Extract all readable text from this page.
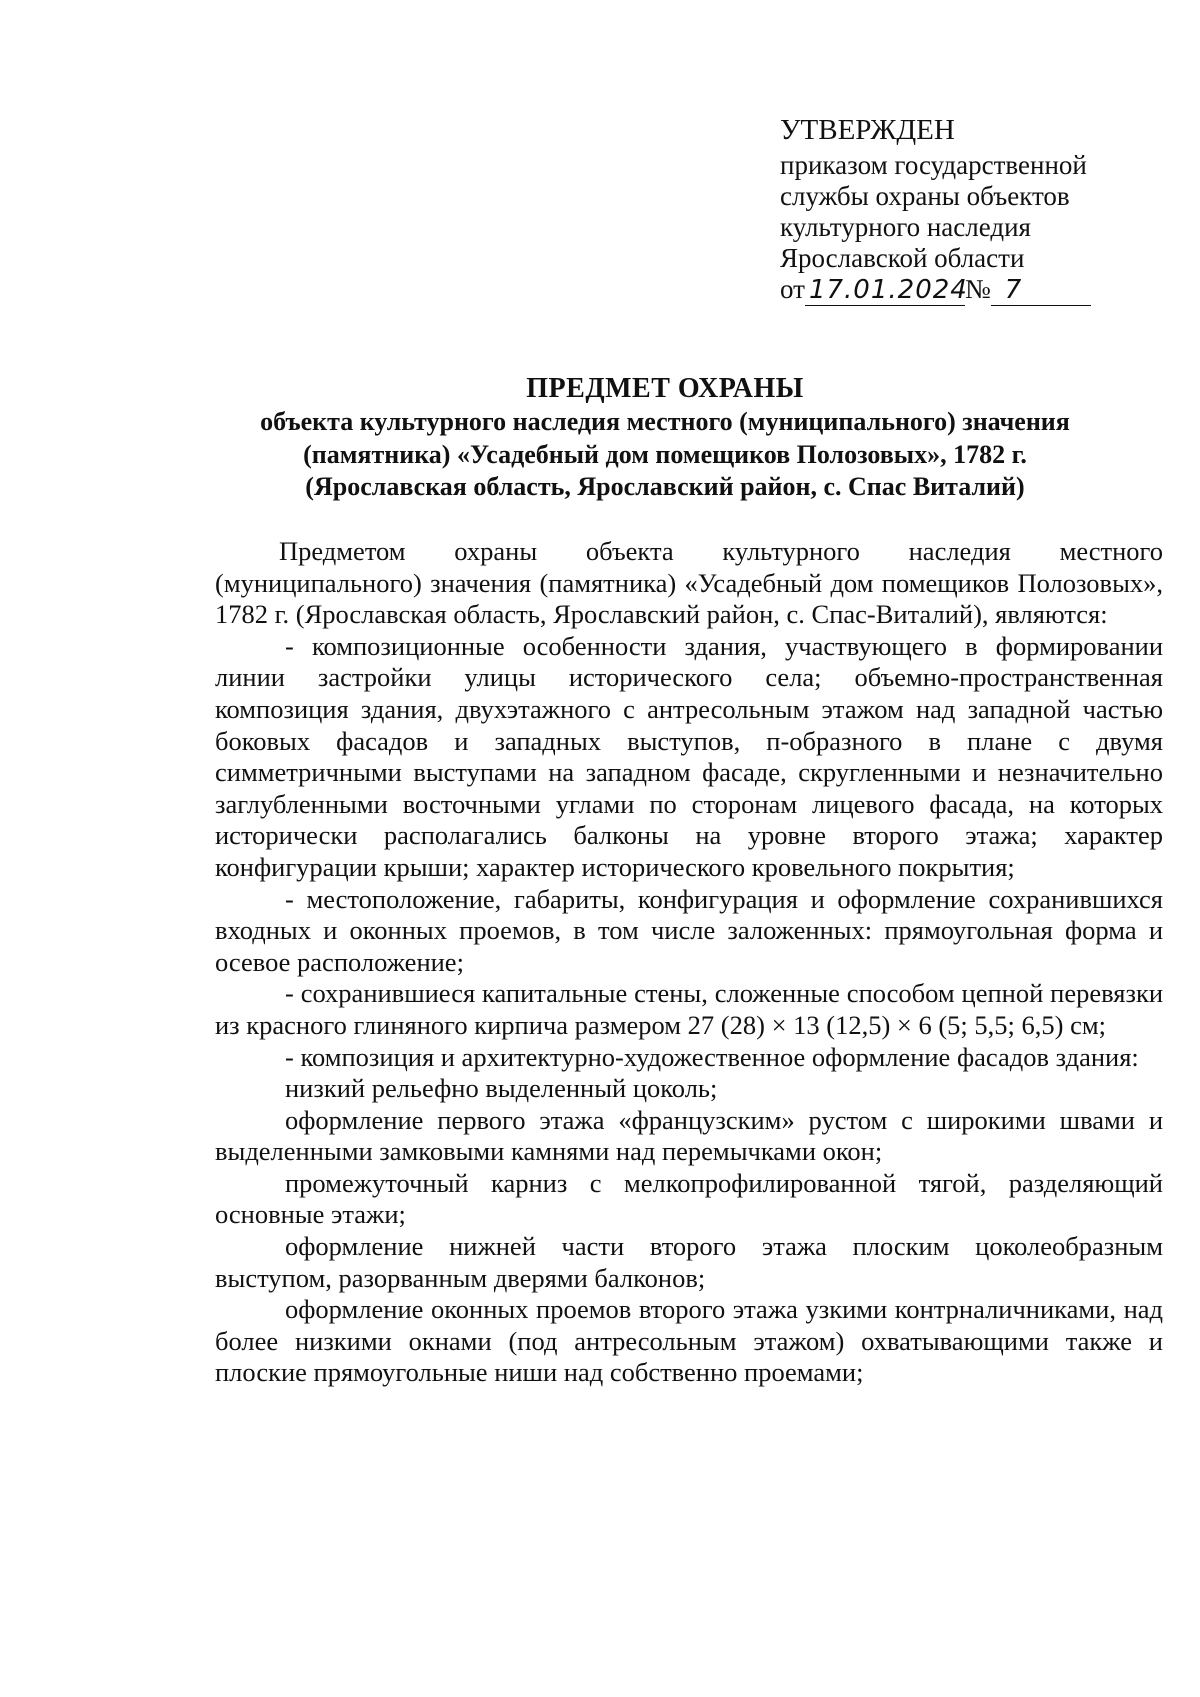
УТВЕРЖДЕН
приказом государственной
службы охраны объектов
культурного наследия
Ярославской области
от 17.01.2024№ 7
ПРЕДМЕТ ОХРАНЫ
объекта культурного наследия местного (муниципального) значения
(памятника) «Усадебный дом помещиков Полозовых», 1782 г.
(Ярославская область, Ярославский район, с. Спас Виталий)

Предметом охраны объекта культурного наследия местного (муниципального) значения (памятника) «Усадебный дом помещиков Полозовых», 1782 г. (Ярославская область, Ярославский район, с. Спас-Виталий), являются:

- композиционные особенности здания, участвующего в формировании линии застройки улицы исторического села; объемно-пространственная композиция здания, двухэтажного с антресольным этажом над западной частью боковых фасадов и западных выступов, п-образного в плане с двумя симметричными выступами на западном фасаде, скругленными и незначительно заглубленными восточными углами по сторонам лицевого фасада, на которых исторически располагались балконы на уровне второго этажа; характер конфигурации крыши; характер исторического кровельного покрытия;

- местоположение, габариты, конфигурация и оформление сохранившихся входных и оконных проемов, в том числе заложенных: прямоугольная форма и осевое расположение;

- сохранившиеся капитальные стены, сложенные способом цепной перевязки из красного глиняного кирпича размером 27 (28) × 13 (12,5) × 6 (5; 5,5; 6,5) см;

- композиция и архитектурно-художественное оформление фасадов здания:

низкий рельефно выделенный цоколь;

оформление первого этажа «французским» рустом с широкими швами и выделенными замковыми камнями над перемычками окон;

промежуточный карниз с мелкопрофилированной тягой, разделяющий основные этажи;

оформление нижней части второго этажа плоским цоколеобразным выступом, разорванным дверями балконов;

оформление оконных проемов второго этажа узкими контрналичниками, над более низкими окнами (под антресольным этажом) охватывающими также и плоские прямоугольные ниши над собственно проемами;
